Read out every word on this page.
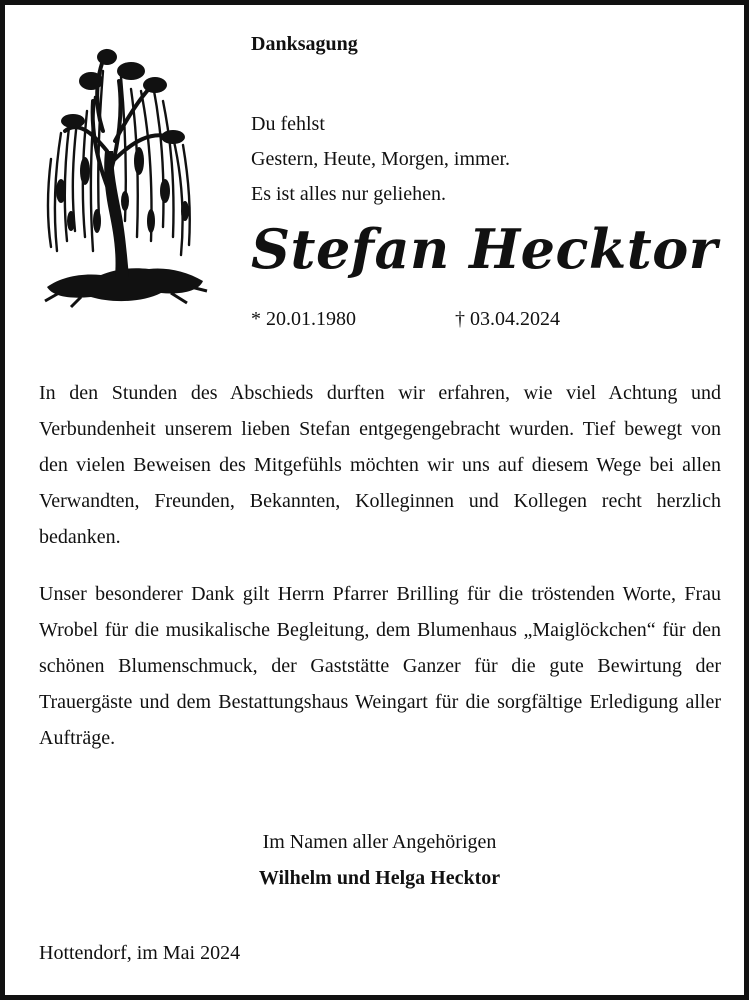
Danksagung
Du fehlst
Gestern, Heute, Morgen, immer.
Es ist alles nur geliehen.
Stefan Hecktor
* 20.01.1980	† 03.04.2024
In den Stunden des Abschieds durften wir erfahren, wie viel Achtung und Verbundenheit unserem lieben Stefan entgegengebracht wurden. Tief bewegt von den vielen Beweisen des Mitgefühls möchten wir uns auf diesem Wege bei allen Verwandten, Freunden, Bekannten, Kolleginnen und Kollegen recht herzlich bedanken.
Unser besonderer Dank gilt Herrn Pfarrer Brilling für die tröstenden Worte, Frau Wrobel für die musikalische Begleitung, dem Blumenhaus „Maiglöckchen“ für den schönen Blumenschmuck, der Gaststätte Ganzer für die gute Bewirtung der Trauergäste und dem Bestattungshaus Weingart für die sorgfältige Erledigung aller Aufträge.
Im Namen aller Angehörigen
Wilhelm und Helga Hecktor
Hottendorf, im Mai 2024
